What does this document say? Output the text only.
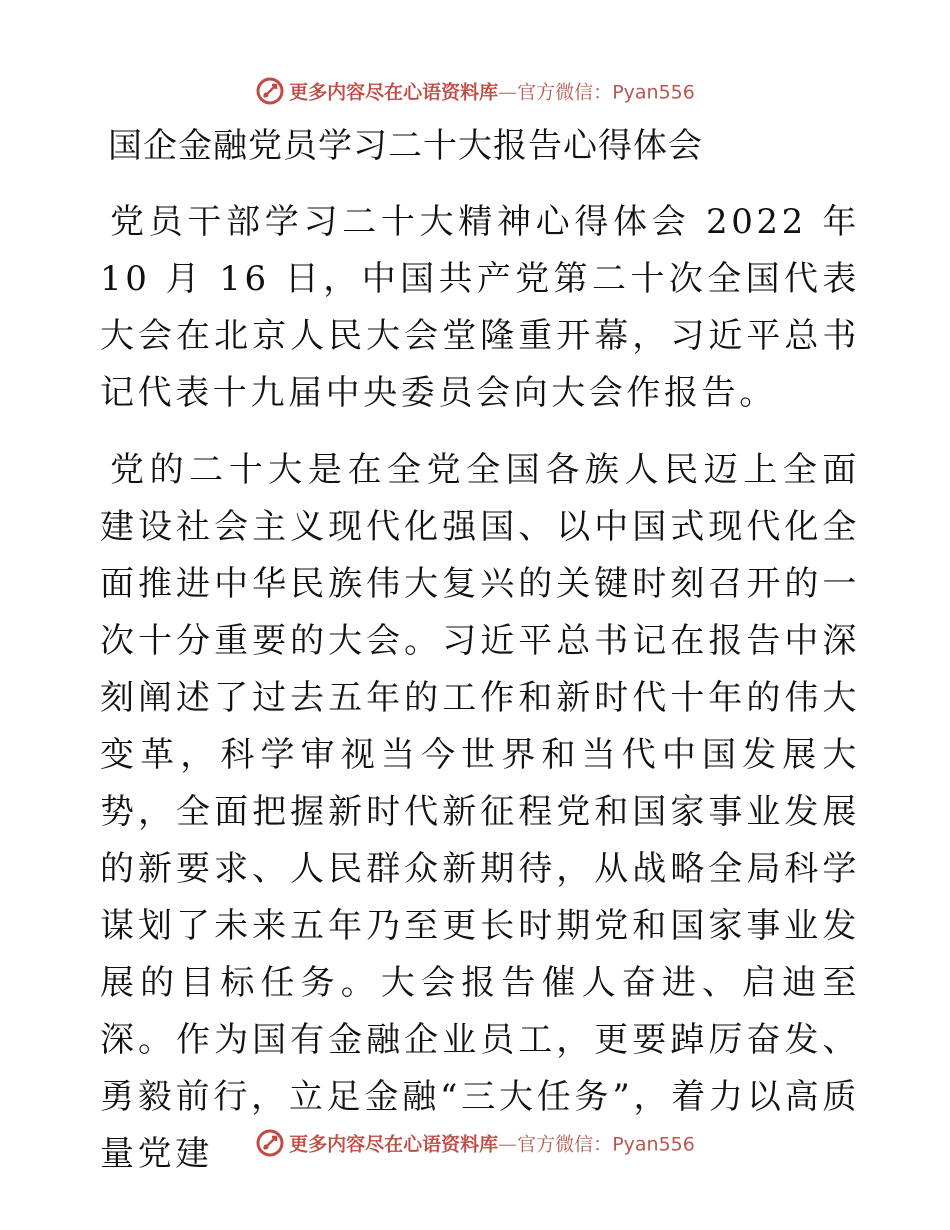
更多内容尽在心语资料库—官方微信：Pyan556
国企金融党员学习二十大报告心得体会

党员干部学习二十大精神心得体会 2022 年 10 月 16 日，中国共产党第二十次全国代表大会在北京人民大会堂隆重开幕，习近平总书记代表十九届中央委员会向大会作报告。

党的二十大是在全党全国各族人民迈上全面建设社会主义现代化强国、以中国式现代化全面推进中华民族伟大复兴的关键时刻召开的一次十分重要的大会。习近平总书记在报告中深刻阐述了过去五年的工作和新时代十年的伟大变革，科学审视当今世界和当代中国发展大势，全面把握新时代新征程党和国家事业发展的新要求、人民群众新期待，从战略全局科学谋划了未来五年乃至更长时期党和国家事业发展的目标任务。大会报告催人奋进、启迪至深。作为国有金融企业员工，更要踔厉奋发、勇毅前行，立足金融“三大任务”，着力以高质量党建	更多内容尽在心语资料库—官方微信：Pyan556
